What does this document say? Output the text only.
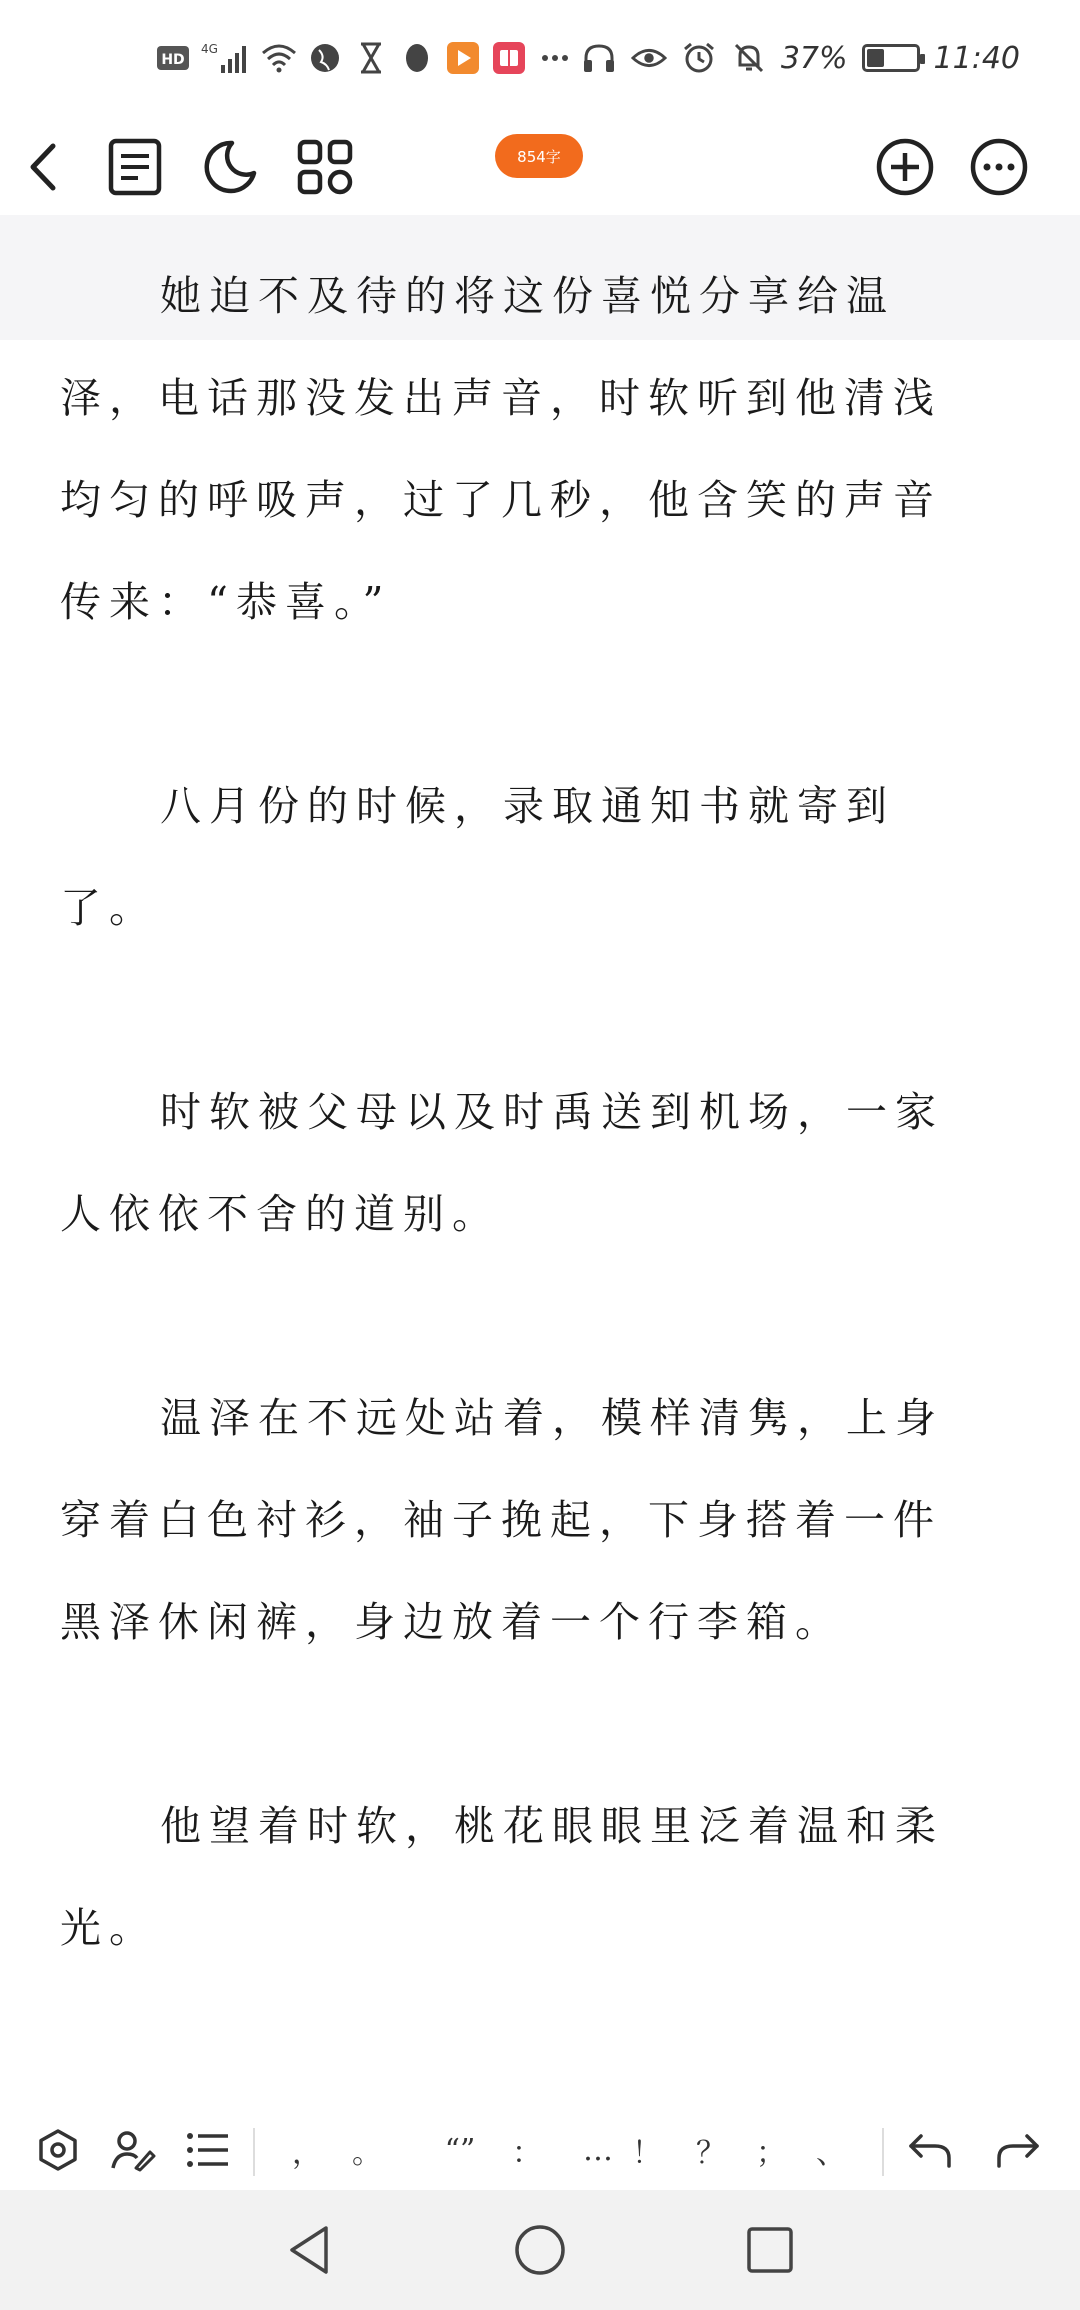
HD
4G	37%	11:40
854字

她迫不及待的将这份喜悦分享给温泽，电话那没发出声音，时软听到他清浅均匀的呼吸声，过了几秒，他含笑的声音传来：“恭喜。”

八月份的时候，录取通知书就寄到了。

时软被父母以及时禹送到机场，一家人依依不舍的道别。

温泽在不远处站着，模样清隽，上身穿着白色衬衫，袖子挽起，下身搭着一件黑泽休闲裤，身边放着一个行李箱。

他望着时软，桃花眼眼里泛着温和柔光。

，	。	“”	：	… ！	？	；	、
